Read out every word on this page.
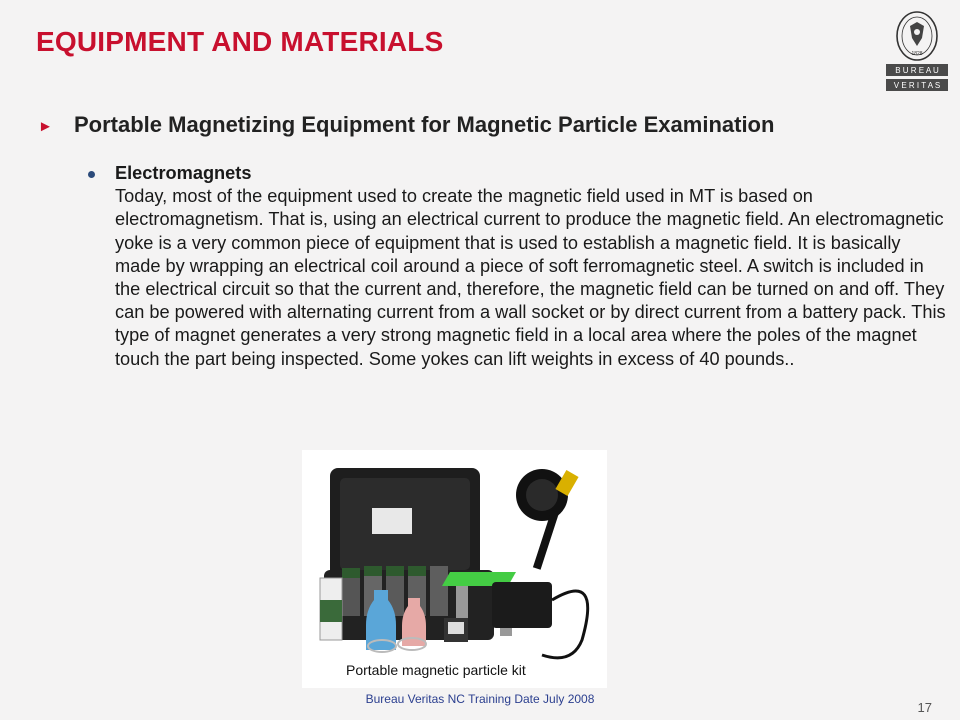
EQUIPMENT AND MATERIALS
B U R E A U
V E R I T A S
1828
► Portable Magnetizing Equipment for Magnetic Particle Examination
Electromagnets
Today, most of the equipment used to create the magnetic field used in MT is based on electromagnetism. That is, using an electrical current to produce the magnetic field. An electromagnetic yoke is a very common piece of equipment that is used to establish a magnetic field. It is basically made by wrapping an electrical coil around a piece of soft ferromagnetic steel. A switch is included in the electrical circuit so that the current and, therefore, the magnetic field can be turned on and off. They can be powered with alternating current from a wall socket or by direct current from a battery pack. This type of magnet generates a very strong magnetic field in a local area where the poles of the magnet touch the part being inspected. Some yokes can lift weights in excess of 40 pounds..
Portable magnetic particle kit
Bureau Veritas NC Training Date July 2008
17
